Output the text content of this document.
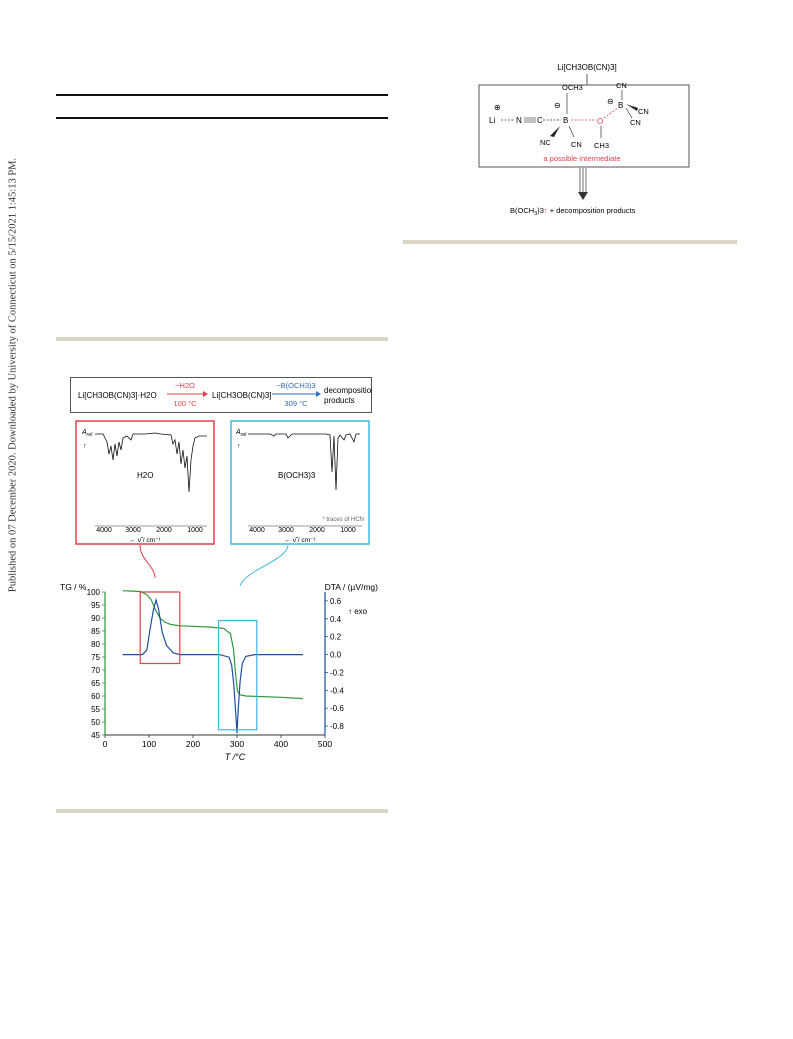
Published on 07 December 2020. Downloaded by University of Connecticut on 5/15/2021 1:45:13 PM.
Li[CH3OB(CN)3]
⊕
Li	N C
⊖
OCH3
B
NC	CN
O
CH3
⊖ B
CN
CN
CN
a possible intermediate
$B(OCH_3)3↑$ + decomposition products
Li[CH3OB(CN)3]·H2O
−H2O
100 °C
Li[CH3OB(CN)3]
−B(OCH3)3
309 °C
decomposition
products
$A_{rel}$
↑
4000 3000 2000 1000
← ν̃ / cm⁻¹
H2O
$A_{rel}$
↑
4000 3000 2000 1000
← ν̃ / cm⁻¹
B(OCH3)3
* traces of HCN
TG / %	DTA / (µV/mg)
↑ exo
T /°C
0	100	200	300	400	500
45
50
55
60
65
70
75
80
85
90
95
100
-0.8
-0.6
-0.4
-0.2
0.0
0.2
0.4
0.6
